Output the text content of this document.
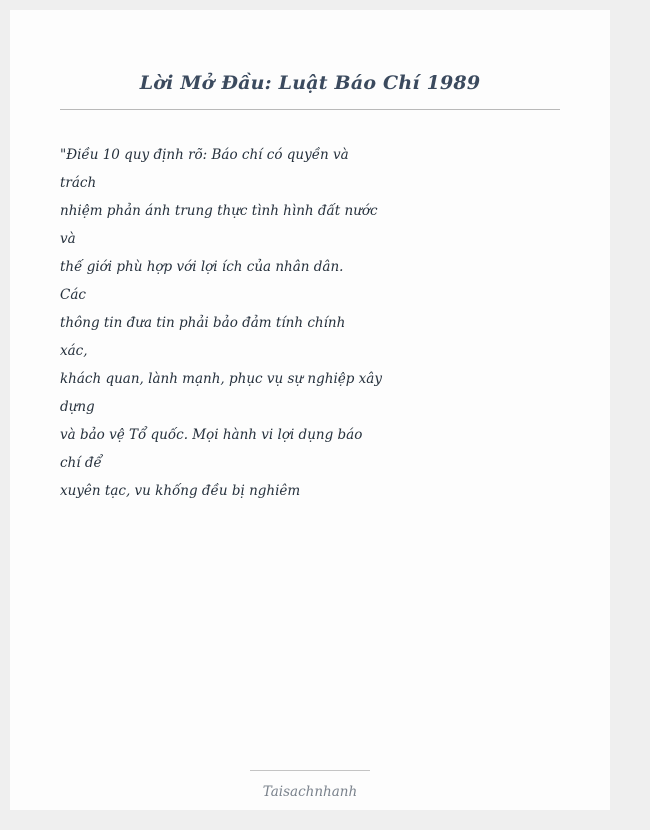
Lời Mở Đầu: Luật Báo Chí 1989
"Điều 10 quy định rõ: Báo chí có quyền và
trách
nhiệm phản ánh trung thực tình hình đất nước
và
thế giới phù hợp với lợi ích của nhân dân.
Các
thông tin đưa tin phải bảo đảm tính chính
xác,
khách quan, lành mạnh, phục vụ sự nghiệp xây
dựng
và bảo vệ Tổ quốc. Mọi hành vi lợi dụng báo
chí để
xuyên tạc, vu khống đều bị nghiêm
Taisachnhanh
